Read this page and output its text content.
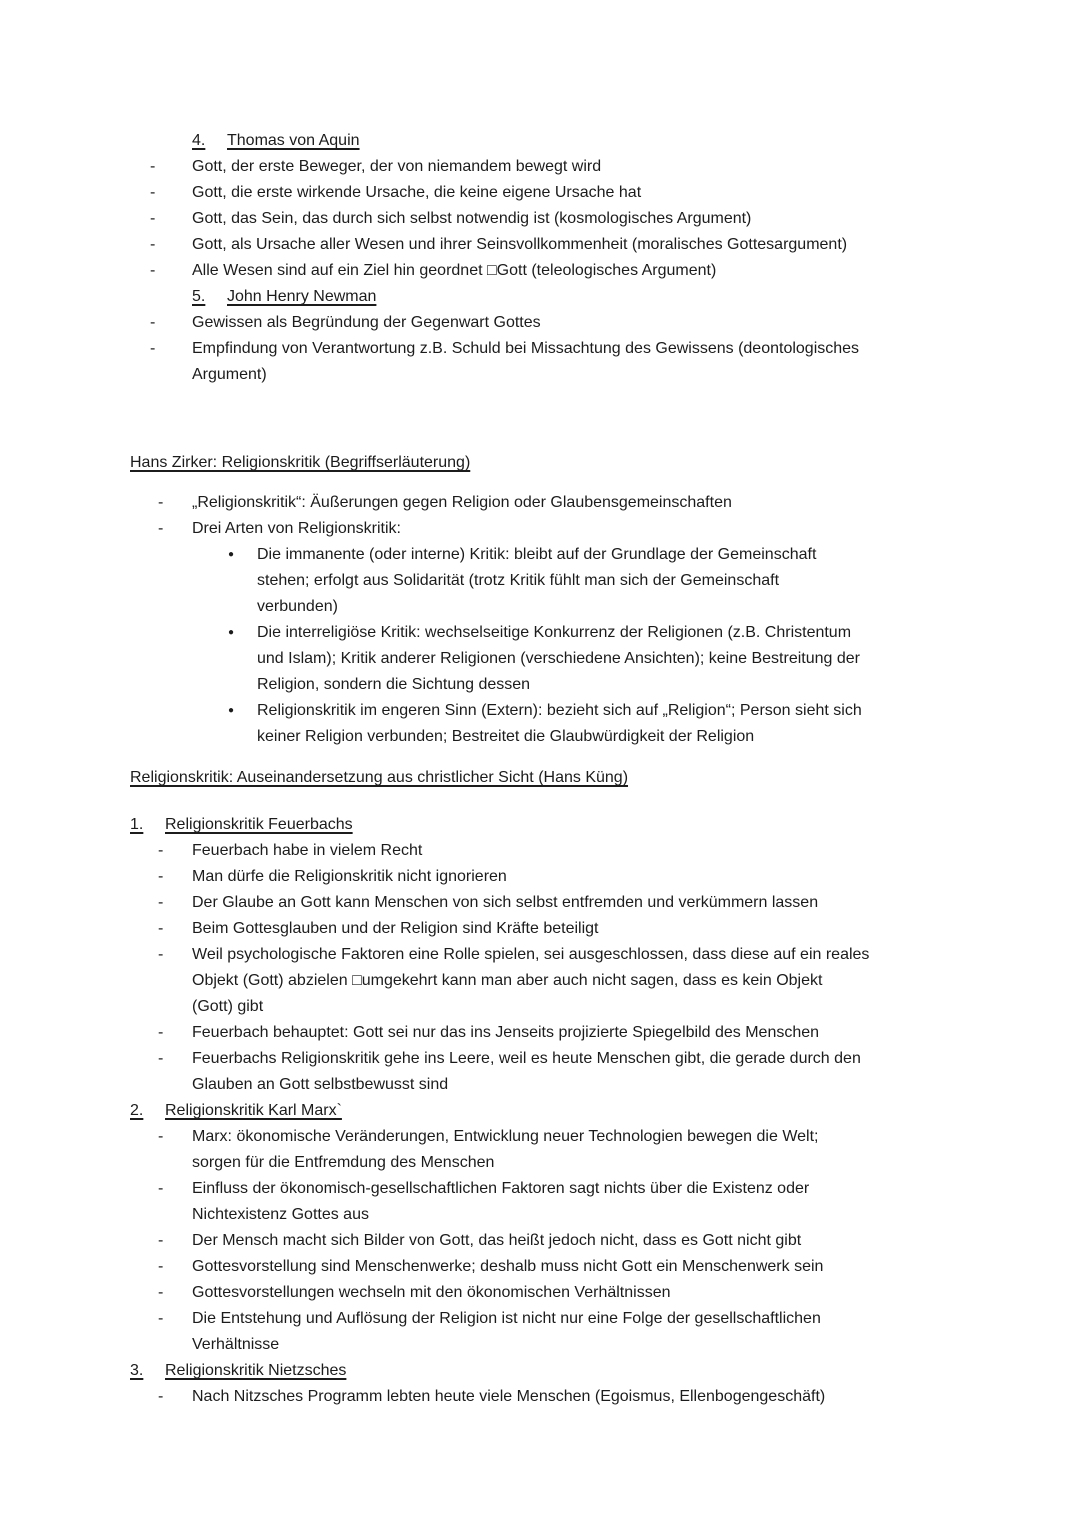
4. Thomas von Aquin
- Gott, der erste Beweger, der von niemandem bewegt wird
- Gott, die erste wirkende Ursache, die keine eigene Ursache hat
- Gott, das Sein, das durch sich selbst notwendig ist (kosmologisches Argument)
- Gott, als Ursache aller Wesen und ihrer Seinsvollkommenheit (moralisches Gottesargument)
- Alle Wesen sind auf ein Ziel hin geordnet □Gott (teleologisches Argument)
5. John Henry Newman
- Gewissen als Begründung der Gegenwart Gottes
- Empfindung von Verantwortung z.B. Schuld bei Missachtung des Gewissens (deontologisches
Argument)
Hans Zirker: Religionskritik (Begriffserläuterung)
- „Religionskritik“: Äußerungen gegen Religion oder Glaubensgemeinschaften
- Drei Arten von Religionskritik:
● Die immanente (oder interne) Kritik: bleibt auf der Grundlage der Gemeinschaft
stehen; erfolgt aus Solidarität (trotz Kritik fühlt man sich der Gemeinschaft
verbunden)
● Die interreligiöse Kritik: wechselseitige Konkurrenz der Religionen (z.B. Christentum
und Islam); Kritik anderer Religionen (verschiedene Ansichten); keine Bestreitung der
Religion, sondern die Sichtung dessen
● Religionskritik im engeren Sinn (Extern): bezieht sich auf „Religion“; Person sieht sich
keiner Religion verbunden; Bestreitet die Glaubwürdigkeit der Religion
Religionskritik: Auseinandersetzung aus christlicher Sicht (Hans Küng)
1. Religionskritik Feuerbachs
- Feuerbach habe in vielem Recht
- Man dürfe die Religionskritik nicht ignorieren
- Der Glaube an Gott kann Menschen von sich selbst entfremden und verkümmern lassen
- Beim Gottesglauben und der Religion sind Kräfte beteiligt
- Weil psychologische Faktoren eine Rolle spielen, sei ausgeschlossen, dass diese auf ein reales
Objekt (Gott) abzielen □umgekehrt kann man aber auch nicht sagen, dass es kein Objekt
(Gott) gibt
- Feuerbach behauptet: Gott sei nur das ins Jenseits projizierte Spiegelbild des Menschen
- Feuerbachs Religionskritik gehe ins Leere, weil es heute Menschen gibt, die gerade durch den
Glauben an Gott selbstbewusst sind
2. Religionskritik Karl Marx`
- Marx: ökonomische Veränderungen, Entwicklung neuer Technologien bewegen die Welt;
sorgen für die Entfremdung des Menschen
- Einfluss der ökonomisch-gesellschaftlichen Faktoren sagt nichts über die Existenz oder
Nichtexistenz Gottes aus
- Der Mensch macht sich Bilder von Gott, das heißt jedoch nicht, dass es Gott nicht gibt
- Gottesvorstellung sind Menschenwerke; deshalb muss nicht Gott ein Menschenwerk sein
- Gottesvorstellungen wechseln mit den ökonomischen Verhältnissen
- Die Entstehung und Auflösung der Religion ist nicht nur eine Folge der gesellschaftlichen
Verhältnisse
3. Religionskritik Nietzsches
- Nach Nitzsches Programm lebten heute viele Menschen (Egoismus, Ellenbogengeschäft)
